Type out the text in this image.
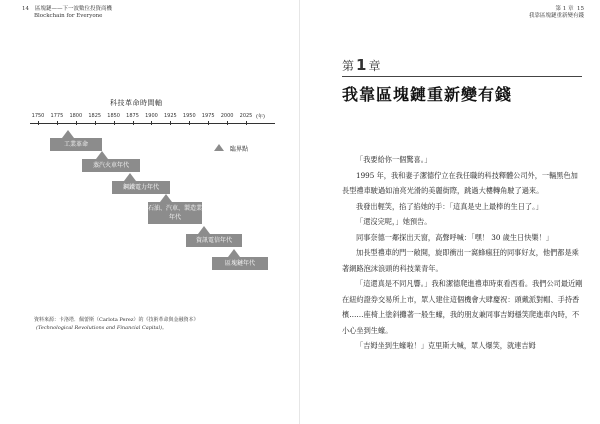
14 區塊鏈——下一波數位投資商機
Blockchain for Everyone
科技革命時間軸
1750 1775 1800 1825 1850 1875 1900 1925 1950 1975 2000 2025 (年)
臨界點
工業革命
蒸汽火車年代
鋼鐵電力年代
石油、汽車、製造業年代
資訊電信年代
區塊鏈年代
資料來源：卡洛塔．佩蕾斯（Carlota Perez）的《技術革命與金融資本》
(Technological Revolutions and Financial Capital)。
第 1 章 15
我靠區塊鏈重新變有錢
第 1 章
我靠區塊鏈重新變有錢

「我要給你一個驚喜。」

1995 年，我和妻子潔德佇立在我任職的科技釋體公司外，一輛黑色加長型禮車駛過如油亮光滑的美麗街際，跳過大樓轉角駛了過來。

我發出輕笑，掐了掐她的手：「這真是史上最棒的生日了。」

「還沒完呢，」她預告。

同事奈德一鄰探出天窗，高聲呼喊：「嘿！ 30 歲生日快樂！」

加長型禮車的門一敞開，旋即衝出一窩蜂瘋狂的同事好友，他們都是乘著網路泡沫浪頭的科技業青年。

「這還真是不同凡響。」我和潔德爬進禮車時東看西看。我們公司最近剛在紐約證券交易所上市，眾人建住這個機會大肆慶祝：頭戴派對帽、手持香檳……座椅上塗斜攤著一般生蠔，我的朋友兼同事吉姆穩笑爬進車內時，不小心坐到生蠔。

「吉姆坐到生蠔啦！」克里斯大喊，眾人爆笑，就連吉姆
